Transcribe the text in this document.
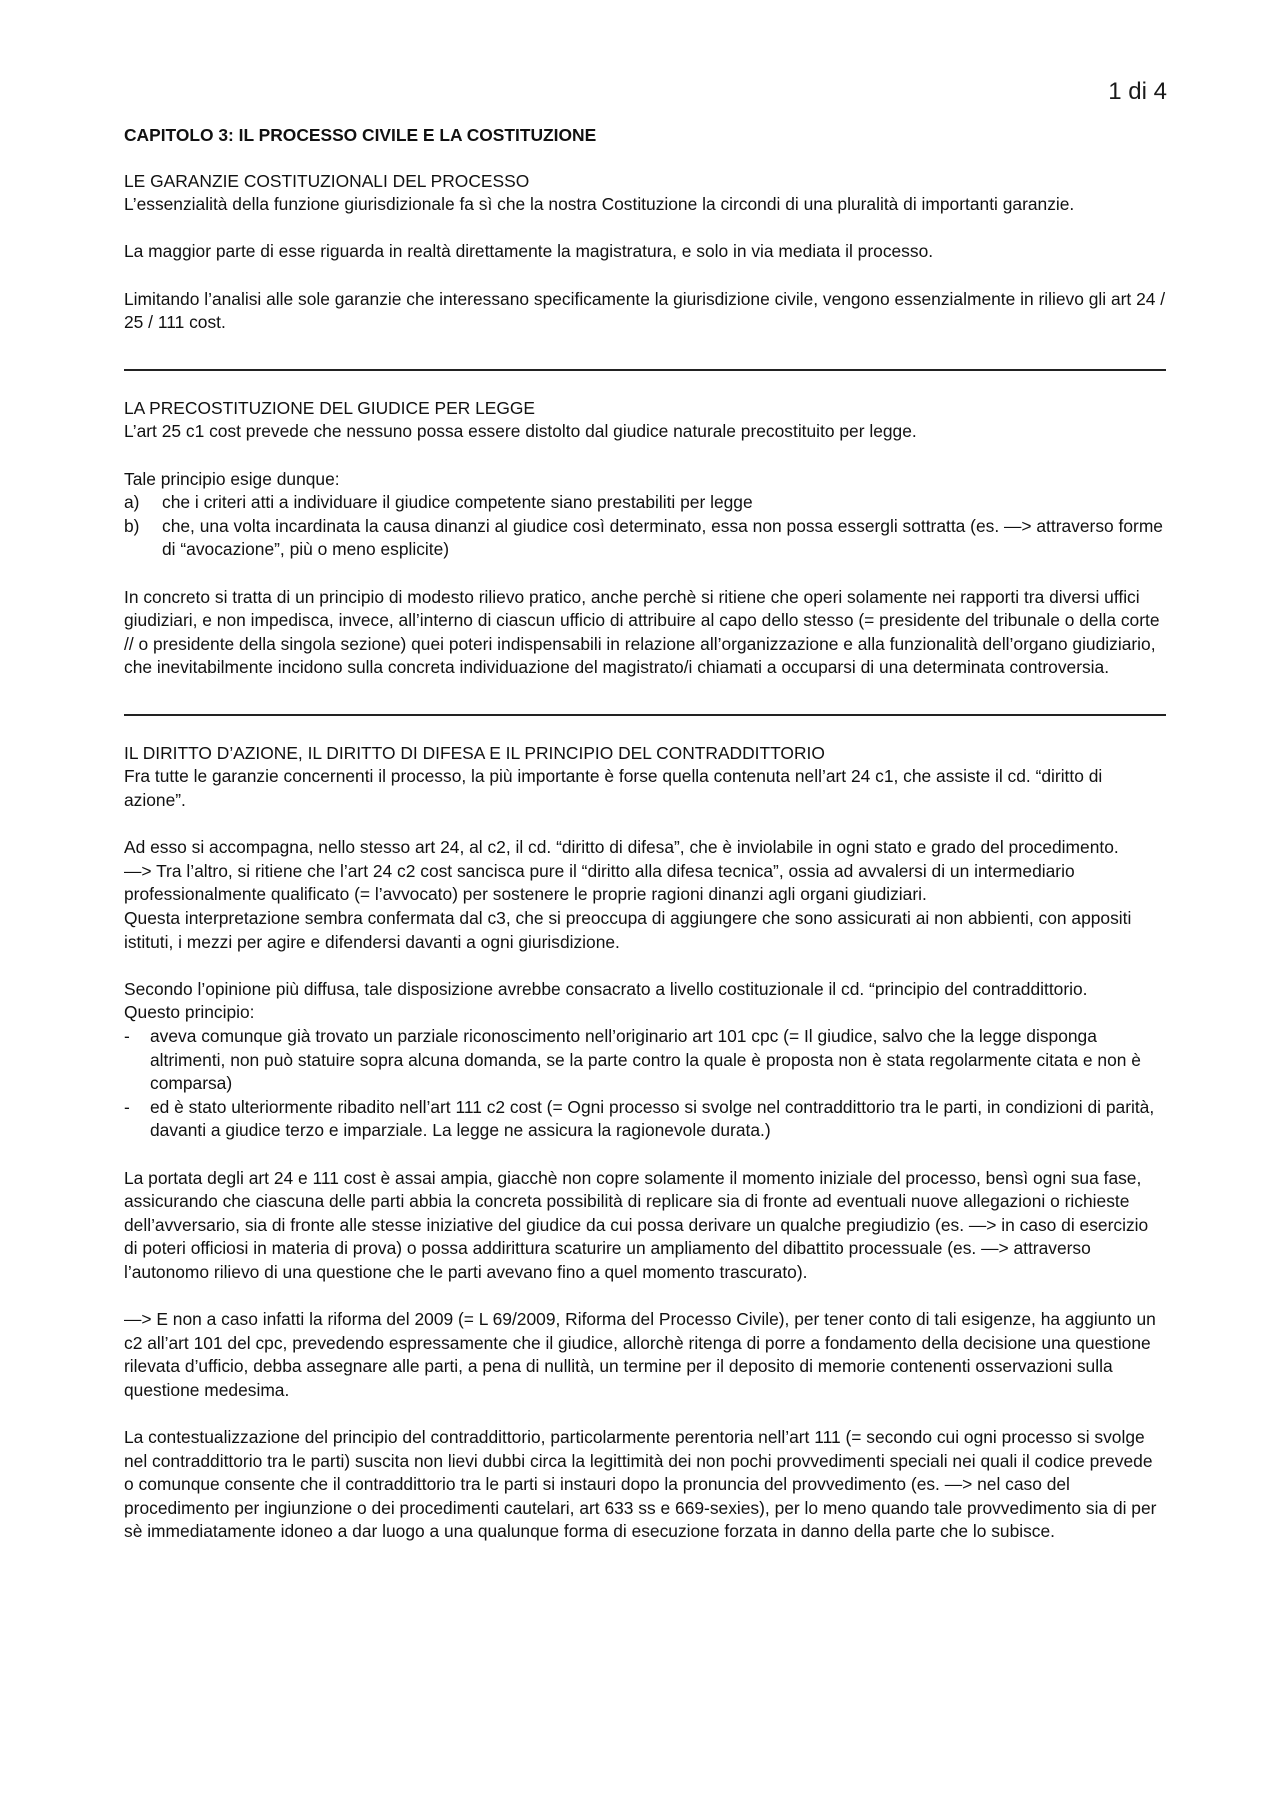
1 di 4
CAPITOLO 3: IL PROCESSO CIVILE E LA COSTITUZIONE
LE GARANZIE COSTITUZIONALI DEL PROCESSO

L’essenzialità della funzione giurisdizionale fa sì che la nostra Costituzione la circondi di una pluralità di importanti garanzie.

La maggior parte di esse riguarda in realtà direttamente la magistratura, e solo in via mediata il processo.

Limitando l’analisi alle sole garanzie che interessano specificamente la giurisdizione civile, vengono essenzialmente in rilievo gli art 24 / 25 / 111 cost.

LA PRECOSTITUZIONE DEL GIUDICE PER LEGGE

L’art 25 c1 cost prevede che nessuno possa essere distolto dal giudice naturale precostituito per legge.

Tale principio esige dunque:

a)	che i criteri atti a individuare il giudice competente siano prestabiliti per legge
b)	che, una volta incardinata la causa dinanzi al giudice così determinato, essa non possa essergli sottratta (es. —> attraverso forme di “avocazione”, più o meno esplicite)

In concreto si tratta di un principio di modesto rilievo pratico, anche perchè si ritiene che operi solamente nei rapporti tra diversi uffici giudiziari, e non impedisca, invece, all’interno di ciascun ufficio di attribuire al capo dello stesso (= presidente del tribunale o della corte // o presidente della singola sezione) quei poteri indispensabili in relazione all’organizzazione e alla funzionalità dell’organo giudiziario, che inevitabilmente incidono sulla concreta individuazione del magistrato/i chiamati a occuparsi di una determinata controversia.

IL DIRITTO D’AZIONE, IL DIRITTO DI DIFESA E IL PRINCIPIO DEL CONTRADDITTORIO

Fra tutte le garanzie concernenti il processo, la più importante è forse quella contenuta nell’art 24 c1, che assiste il cd. “diritto di azione”.

Ad esso si accompagna, nello stesso art 24, al c2, il cd. “diritto di difesa”, che è inviolabile in ogni stato e grado del procedimento.

—> Tra l’altro, si ritiene che l’art 24 c2 cost sancisca pure il “diritto alla difesa tecnica”, ossia ad avvalersi di un intermediario professionalmente qualificato (= l’avvocato) per sostenere le proprie ragioni dinanzi agli organi giudiziari.

Questa interpretazione sembra confermata dal c3, che si preoccupa di aggiungere che sono assicurati ai non abbienti, con appositi istituti, i mezzi per agire e difendersi davanti a ogni giurisdizione.

Secondo l’opinione più diffusa, tale disposizione avrebbe consacrato a livello costituzionale il cd. “principio del contraddittorio.

Questo principio:

-	aveva comunque già trovato un parziale riconoscimento nell’originario art 101 cpc (= Il giudice, salvo che la legge disponga altrimenti, non può statuire sopra alcuna domanda, se la parte contro la quale è proposta non è stata regolarmente citata e non è comparsa)
-	ed è stato ulteriormente ribadito nell’art 111 c2 cost (= Ogni processo si svolge nel contraddittorio tra le parti, in condizioni di parità, davanti a giudice terzo e imparziale. La legge ne assicura la ragionevole durata.)

La portata degli art 24 e 111 cost è assai ampia, giacchè non copre solamente il momento iniziale del processo, bensì ogni sua fase, assicurando che ciascuna delle parti abbia la concreta possibilità di replicare sia di fronte ad eventuali nuove allegazioni o richieste dell’avversario, sia di fronte alle stesse iniziative del giudice da cui possa derivare un qualche pregiudizio (es. —> in caso di esercizio di poteri officiosi in materia di prova) o possa addirittura scaturire un ampliamento del dibattito processuale (es. —> attraverso l’autonomo rilievo di una questione che le parti avevano fino a quel momento trascurato).

—> E non a caso infatti la riforma del 2009 (= L 69/2009, Riforma del Processo Civile), per tener conto di tali esigenze, ha aggiunto un c2 all’art 101 del cpc, prevedendo espressamente che il giudice, allorchè ritenga di porre a fondamento della decisione una questione rilevata d’ufficio, debba assegnare alle parti, a pena di nullità, un termine per il deposito di memorie contenenti osservazioni sulla questione medesima.

La contestualizzazione del principio del contraddittorio, particolarmente perentoria nell’art 111 (= secondo cui ogni processo si svolge nel contraddittorio tra le parti) suscita non lievi dubbi circa la legittimità dei non pochi provvedimenti speciali nei quali il codice prevede o comunque consente che il contraddittorio tra le parti si instauri dopo la pronuncia del provvedimento (es. —> nel caso del procedimento per ingiunzione o dei procedimenti cautelari, art 633 ss e 669-sexies), per lo meno quando tale provvedimento sia di per sè immediatamente idoneo a dar luogo a una qualunque forma di esecuzione forzata in danno della parte che lo subisce.
